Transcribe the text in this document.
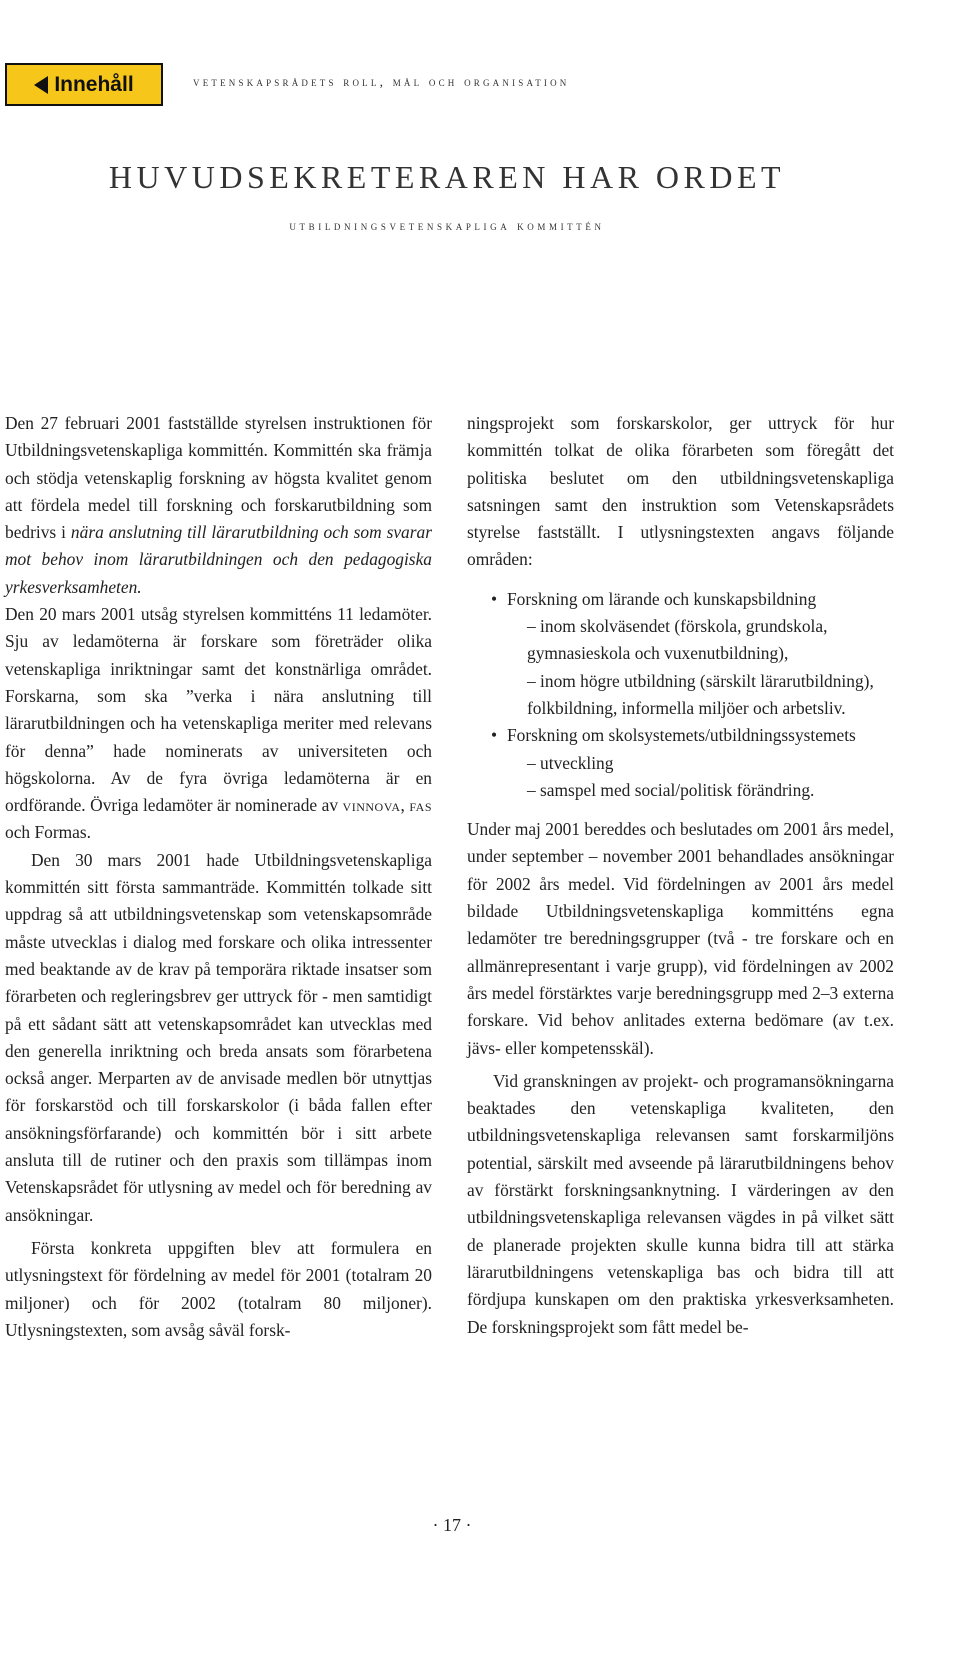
Innehåll	vetenskapsrådets roll, mål och organisation
HUVUDSEKRETERAREN HAR ORDET
utbildningsvetenskapliga kommittén

Den 27 februari 2001 fastställde styrelsen instruktionen för Utbildningsvetenskapliga kommittén. Kommittén ska främja och stödja vetenskaplig forskning av högsta kvalitet genom att fördela medel till forskning och forskarutbildning som bedrivs i nära anslutning till lärarutbildning och som svarar mot behov inom lärarutbildningen och den pedagogiska yrkesverksamheten.

Den 20 mars 2001 utsåg styrelsen kommitténs 11 ledamöter. Sju av ledamöterna är forskare som företräder olika vetenskapliga inriktningar samt det konstnärliga området. Forskarna, som ska ”verka i nära anslutning till lärarutbildningen och ha vetenskapliga meriter med relevans för denna” hade nominerats av universiteten och högskolorna. Av de fyra övriga ledamöterna är en ordförande. Övriga ledamöter är nominerade av vinnova, fas och Formas.

Den 30 mars 2001 hade Utbildningsvetenskapliga kommittén sitt första sammanträde. Kommittén tolkade sitt uppdrag så att utbildningsvetenskap som vetenskapsområde måste utvecklas i dialog med forskare och olika intressenter med beaktande av de krav på temporära riktade insatser som förarbeten och regleringsbrev ger uttryck för - men samtidigt på ett sådant sätt att vetenskapsområdet kan utvecklas med den generella inriktning och breda ansats som förarbetena också anger. Merparten av de anvisade medlen bör utnyttjas för forskarstöd och till forskarskolor (i båda fallen efter ansökningsförfarande) och kommittén bör i sitt arbete ansluta till de rutiner och den praxis som tillämpas inom Vetenskapsrådet för utlysning av medel och för beredning av ansökningar.

Första konkreta uppgiften blev att formulera en utlysningstext för fördelning av medel för 2001 (totalram 20 miljoner) och för 2002 (totalram 80 miljoner). Utlysningstexten, som avsåg såväl forsk-

ningsprojekt som forskarskolor, ger uttryck för hur kommittén tolkat de olika förarbeten som föregått det politiska beslutet om den utbildningsvetenskapliga satsningen samt den instruktion som Vetenskapsrådets styrelse fastställt. I utlysningstexten angavs följande områden:

• Forskning om lärande och kunskapsbildning
– inom skolväsendet (förskola, grundskola, gymnasieskola och vuxenutbildning),
– inom högre utbildning (särskilt lärarutbildning), folkbildning, informella miljöer och arbetsliv.
• Forskning om skolsystemets/utbildningssystemets
– utveckling
– samspel med social/politisk förändring.

Under maj 2001 bereddes och beslutades om 2001 års medel, under september – november 2001 behandlades ansökningar för 2002 års medel. Vid fördelningen av 2001 års medel bildade Utbildningsvetenskapliga kommitténs egna ledamöter tre beredningsgrupper (två - tre forskare och en allmänrepresentant i varje grupp), vid fördelningen av 2002 års medel förstärktes varje beredningsgrupp med 2–3 externa forskare. Vid behov anlitades externa bedömare (av t.ex. jävs- eller kompetensskäl).

Vid granskningen av projekt- och programansökningarna beaktades den vetenskapliga kvaliteten, den utbildningsvetenskapliga relevansen samt forskarmiljöns potential, särskilt med avseende på lärarutbildningens behov av förstärkt forskningsanknytning. I värderingen av den utbildningsvetenskapliga relevansen vägdes in på vilket sätt de planerade projekten skulle kunna bidra till att stärka lärarutbildningens vetenskapliga bas och bidra till att fördjupa kunskapen om den praktiska yrkesverksamheten. De forskningsprojekt som fått medel be-

· 17 ·
